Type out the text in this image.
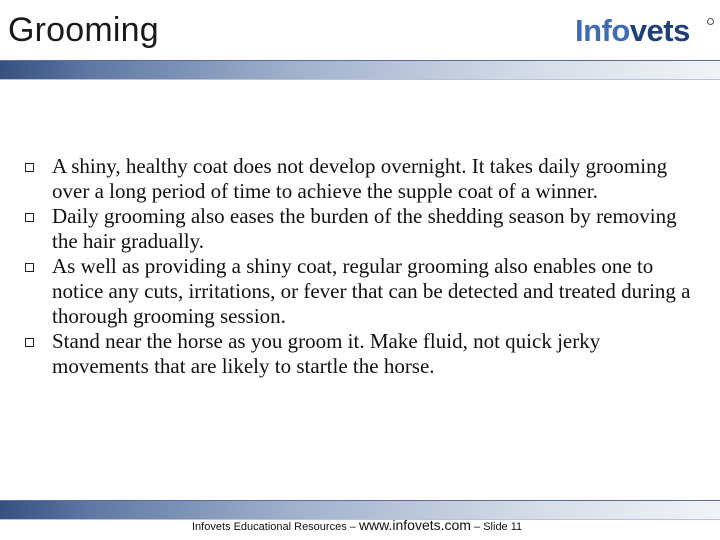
Grooming	Infovets
A shiny, healthy coat does not develop overnight. It takes daily grooming over a long period of time to achieve the supple coat of a winner.
Daily grooming also eases the burden of the shedding season by removing the hair gradually.
As well as providing a shiny coat, regular grooming also enables one to notice any cuts, irritations, or fever that can be detected and treated during a thorough grooming session.
Stand near the horse as you groom it. Make fluid, not quick jerky movements that are likely to startle the horse.
Infovets Educational Resources – www.infovets.com – Slide 11
